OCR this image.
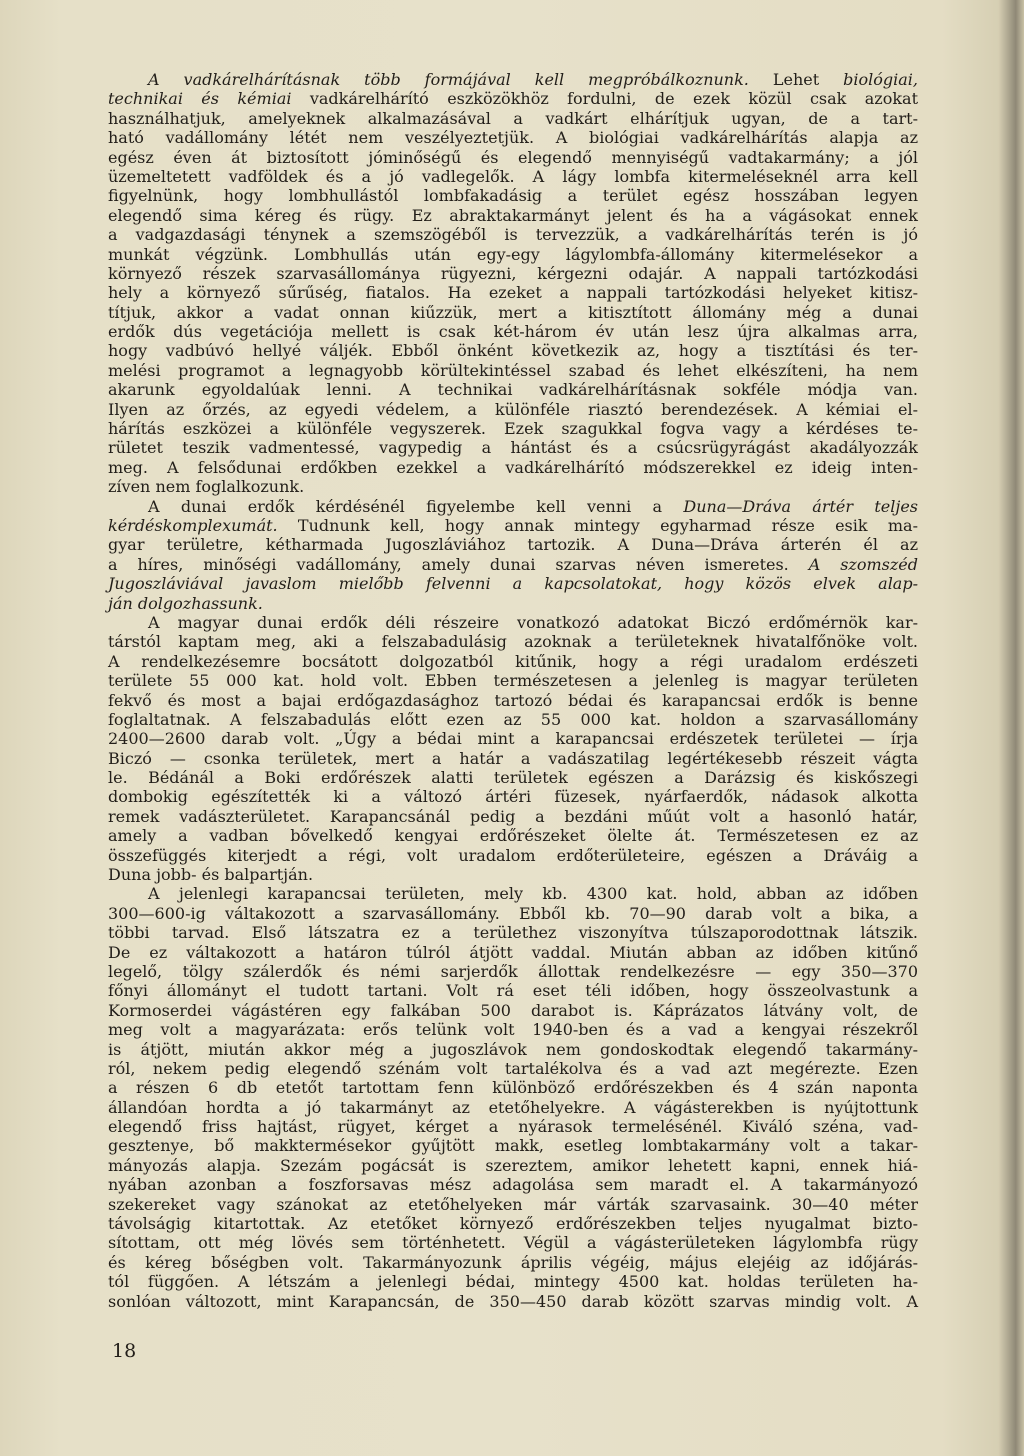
A vadkárelhárításnak több formájával kell megpróbálkoznunk. Lehet biológiai,
technikai és kémiai vadkárelhárító eszközökhöz fordulni, de ezek közül csak azokat
használhatjuk, amelyeknek alkalmazásával a vadkárt elhárítjuk ugyan, de a tart-
ható vadállomány létét nem veszélyeztetjük. A biológiai vadkárelhárítás alapja az
egész éven át biztosított jóminőségű és elegendő mennyiségű vadtakarmány; a jól
üzemeltetett vadföldek és a jó vadlegelők. A lágy lombfa kitermeléseknél arra kell
figyelnünk, hogy lombhullástól lombfakadásig a terület egész hosszában legyen
elegendő sima kéreg és rügy. Ez abraktakarmányt jelent és ha a vágásokat ennek
a vadgazdasági ténynek a szemszögéből is tervezzük, a vadkárelhárítás terén is jó
munkát végzünk. Lombhullás után egy-egy lágylombfa-állomány kitermelésekor a
környező részek szarvasállománya rügyezni, kérgezni odajár. A nappali tartózkodási
hely a környező sűrűség, fiatalos. Ha ezeket a nappali tartózkodási helyeket kitisz-
títjuk, akkor a vadat onnan kiűzzük, mert a kitisztított állomány még a dunai
erdők dús vegetációja mellett is csak két-három év után lesz újra alkalmas arra,
hogy vadbúvó hellyé váljék. Ebből önként következik az, hogy a tisztítási és ter-
melési programot a legnagyobb körültekintéssel szabad és lehet elkészíteni, ha nem
akarunk egyoldalúak lenni. A technikai vadkárelhárításnak sokféle módja van.
Ilyen az őrzés, az egyedi védelem, a különféle riasztó berendezések. A kémiai el-
hárítás eszközei a különféle vegyszerek. Ezek szagukkal fogva vagy a kérdéses te-
rületet teszik vadmentessé, vagypedig a hántást és a csúcsrügyrágást akadályozzák
meg. A felsődunai erdőkben ezekkel a vadkárelhárító módszerekkel ez ideig inten-
zíven nem foglalkozunk.
A dunai erdők kérdésénél figyelembe kell venni a Duna—Dráva ártér teljes
kérdéskomplexumát. Tudnunk kell, hogy annak mintegy egyharmad része esik ma-
gyar területre, kétharmada Jugoszláviához tartozik. A Duna—Dráva árterén él az
a híres, minőségi vadállomány, amely dunai szarvas néven ismeretes. A szomszéd
Jugoszláviával javaslom mielőbb felvenni a kapcsolatokat, hogy közös elvek alap-
ján dolgozhassunk.
A magyar dunai erdők déli részeire vonatkozó adatokat Biczó erdőmérnök kar-
társtól kaptam meg, aki a felszabadulásig azoknak a területeknek hivatalfőnöke volt.
A rendelkezésemre bocsátott dolgozatból kitűnik, hogy a régi uradalom erdészeti
területe 55 000 kat. hold volt. Ebben természetesen a jelenleg is magyar területen
fekvő és most a bajai erdőgazdasághoz tartozó bédai és karapancsai erdők is benne
foglaltatnak. A felszabadulás előtt ezen az 55 000 kat. holdon a szarvasállomány
2400—2600 darab volt. „Úgy a bédai mint a karapancsai erdészetek területei — írja
Biczó — csonka területek, mert a határ a vadászatilag legértékesebb részeit vágta
le. Bédánál a Boki erdőrészek alatti területek egészen a Darázsig és kiskőszegi
dombokig egészítették ki a változó ártéri füzesek, nyárfaerdők, nádasok alkotta
remek vadászterületet. Karapancsánál pedig a bezdáni műút volt a hasonló határ,
amely a vadban bővelkedő kengyai erdőrészeket ölelte át. Természetesen ez az
összefüggés kiterjedt a régi, volt uradalom erdőterületeire, egészen a Dráváig a
Duna jobb- és balpartján.
A jelenlegi karapancsai területen, mely kb. 4300 kat. hold, abban az időben
300—600-ig váltakozott a szarvasállomány. Ebből kb. 70—90 darab volt a bika, a
többi tarvad. Első látszatra ez a területhez viszonyítva túlszaporodottnak látszik.
De ez váltakozott a határon túlról átjött vaddal. Miután abban az időben kitűnő
legelő, tölgy szálerdők és némi sarjerdők állottak rendelkezésre — egy 350—370
főnyi állományt el tudott tartani. Volt rá eset téli időben, hogy összeolvastunk a
Kormoserdei vágástéren egy falkában 500 darabot is. Káprázatos látvány volt, de
meg volt a magyarázata: erős telünk volt 1940-ben és a vad a kengyai részekről
is átjött, miután akkor még a jugoszlávok nem gondoskodtak elegendő takarmány-
ról, nekem pedig elegendő szénám volt tartalékolva és a vad azt megérezte. Ezen
a részen 6 db etetőt tartottam fenn különböző erdőrészekben és 4 szán naponta
állandóan hordta a jó takarmányt az etetőhelyekre. A vágásterekben is nyújtottunk
elegendő friss hajtást, rügyet, kérget a nyárasok termelésénél. Kiváló széna, vad-
gesztenye, bő makktermésekor gyűjtött makk, esetleg lombtakarmány volt a takar-
mányozás alapja. Szezám pogácsát is szereztem, amikor lehetett kapni, ennek hiá-
nyában azonban a foszforsavas mész adagolása sem maradt el. A takarmányozó
szekereket vagy szánokat az etetőhelyeken már várták szarvasaink. 30—40 méter
távolságig kitartottak. Az etetőket környező erdőrészekben teljes nyugalmat bizto-
sítottam, ott még lövés sem történhetett. Végül a vágásterületeken lágylombfa rügy
és kéreg bőségben volt. Takarmányozunk április végéig, május elejéig az időjárás-
tól függően. A létszám a jelenlegi bédai, mintegy 4500 kat. holdas területen ha-
sonlóan változott, mint Karapancsán, de 350—450 darab között szarvas mindig volt. A
18
